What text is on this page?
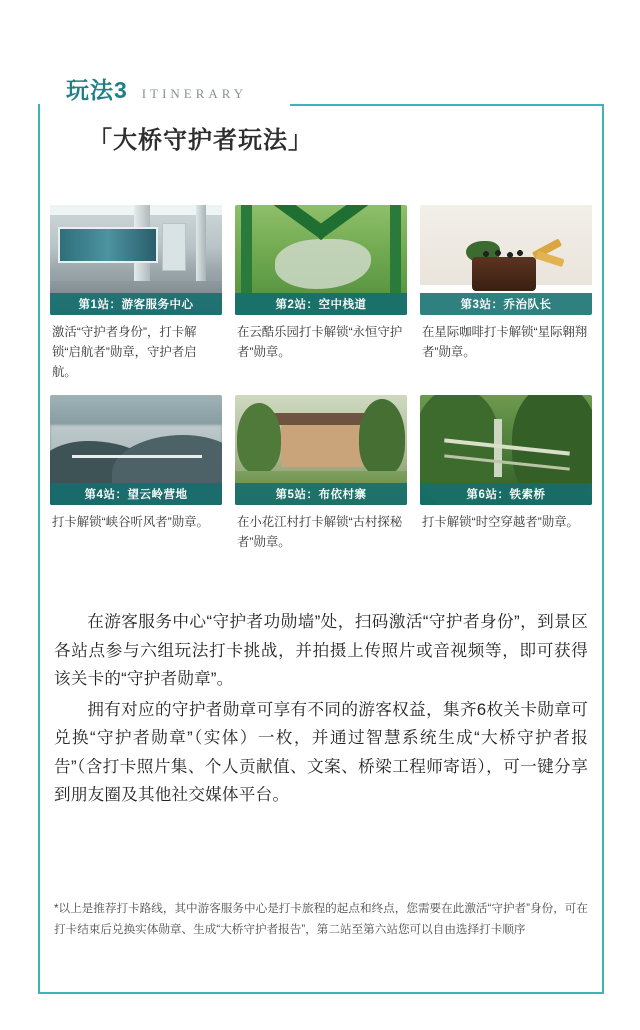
玩法3 ITINERARY
「大桥守护者玩法」
第1站：游客服务中心
激活“守护者身份”，打卡解锁“启航者”勋章，守护者启航。
第2站：空中栈道
在云酷乐园打卡解锁“永恒守护者”勋章。
第3站：乔治队长
在星际咖啡打卡解锁“星际翱翔者”勋章。
第4站：望云岭营地
打卡解锁“峡谷听风者”勋章。
第5站：布依村寨
在小花江村打卡解锁“古村探秘者”勋章。
第6站：铁索桥
打卡解锁“时空穿越者”勋章。

在游客服务中心“守护者功勋墙”处，扫码激活“守护者身份”，到景区各站点参与六组玩法打卡挑战，并拍摄上传照片或音视频等，即可获得该关卡的“守护者勋章”。

拥有对应的守护者勋章可享有不同的游客权益，集齐6枚关卡勋章可兑换“守护者勋章”（实体）一枚，并通过智慧系统生成“大桥守护者报告”（含打卡照片集、个人贡献值、文案、桥梁工程师寄语），可一键分享到朋友圈及其他社交媒体平台。

*以上是推荐打卡路线，其中游客服务中心是打卡旅程的起点和终点，您需要在此激活“守护者”身份，可在打卡结束后兑换实体勋章、生成“大桥守护者报告”，第二站至第六站您可以自由选择打卡顺序
